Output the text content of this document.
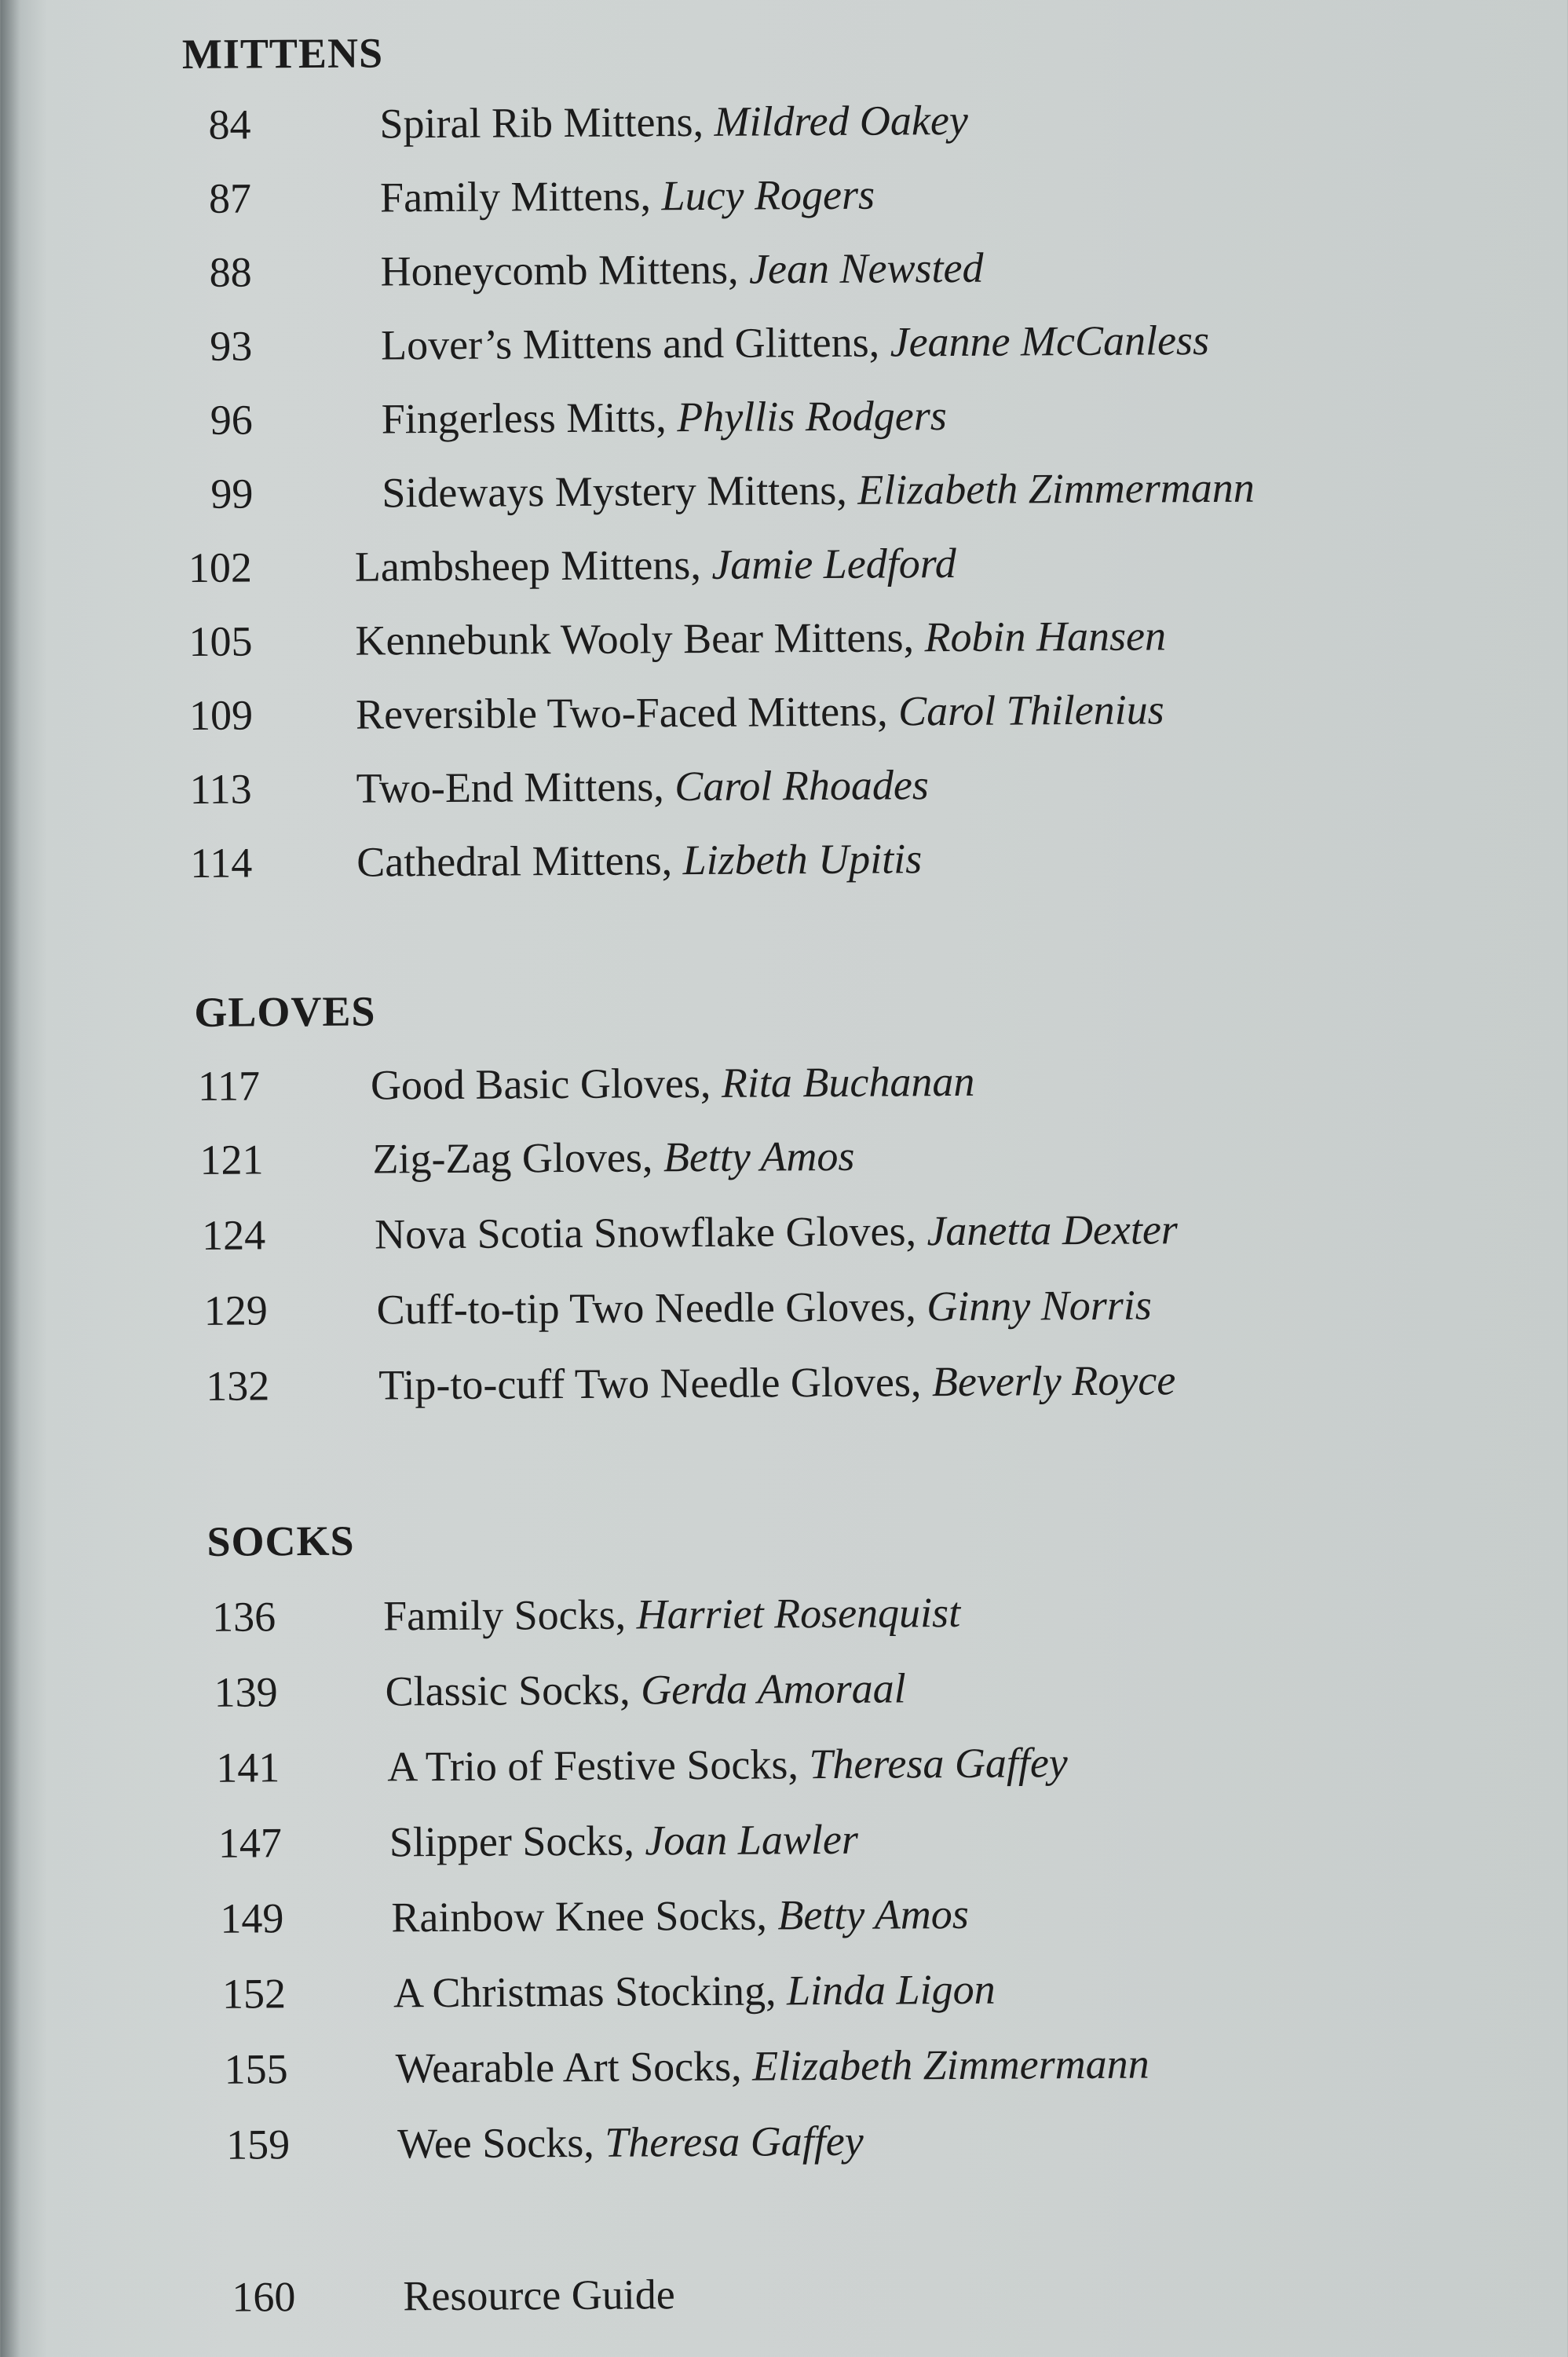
MITTENS
84	Spiral Rib Mittens, Mildred Oakey
87	Family Mittens, Lucy Rogers
88	Honeycomb Mittens, Jean Newsted
93	Lover’s Mittens and Glittens, Jeanne McCanless
96	Fingerless Mitts, Phyllis Rodgers
99	Sideways Mystery Mittens, Elizabeth Zimmermann
102 Lambsheep Mittens, Jamie Ledford
105 Kennebunk Wooly Bear Mittens, Robin Hansen
109 Reversible Two-Faced Mittens, Carol Thilenius
113 Two-End Mittens, Carol Rhoades
114 Cathedral Mittens, Lizbeth Upitis
GLOVES
117	Good Basic Gloves, Rita Buchanan
121	Zig-Zag Gloves, Betty Amos
124	Nova Scotia Snowflake Gloves, Janetta Dexter
129	Cuff-to-tip Two Needle Gloves, Ginny Norris
132	Tip-to-cuff Two Needle Gloves, Beverly Royce
SOCKS
136	Family Socks, Harriet Rosenquist
139	Classic Socks, Gerda Amoraal
141	A Trio of Festive Socks, Theresa Gaffey
147	Slipper Socks, Joan Lawler
149	Rainbow Knee Socks, Betty Amos
152	A Christmas Stocking, Linda Ligon
155	Wearable Art Socks, Elizabeth Zimmermann
159	Wee Socks, Theresa Gaffey
160	Resource Guide
